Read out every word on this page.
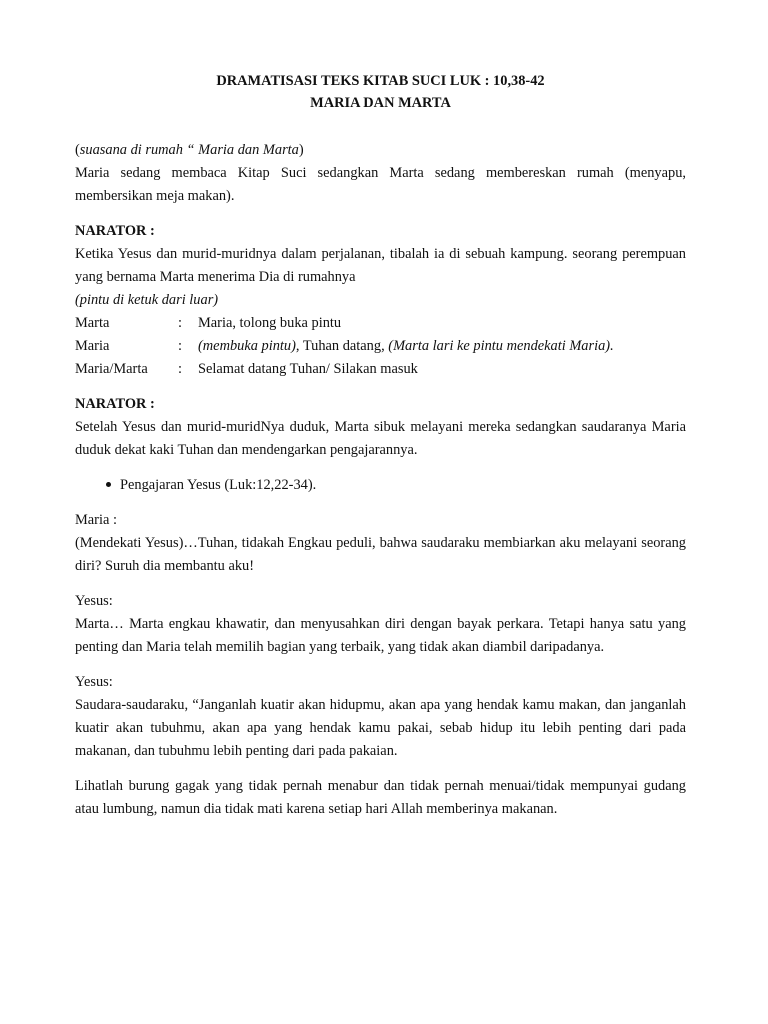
DRAMATISASI TEKS KITAB SUCI LUK : 10,38-42

MARIA DAN MARTA

(suasana di rumah “ Maria dan Marta)

Maria sedang membaca Kitap Suci sedangkan Marta sedang membereskan rumah (menyapu, membersikan meja makan).

NARATOR :

Ketika Yesus dan murid-muridnya dalam perjalanan, tibalah ia di sebuah kampung. seorang perempuan yang bernama Marta menerima Dia di rumahnya

(pintu di ketuk dari luar)

Marta	:	Maria, tolong buka pintu
Maria	:	(membuka pintu), Tuhan datang, (Marta lari ke pintu mendekati Maria).
Maria/Marta	:	Selamat datang Tuhan/ Silakan masuk

NARATOR :

Setelah Yesus dan murid-muridNya duduk, Marta sibuk melayani mereka sedangkan saudaranya Maria duduk dekat kaki Tuhan dan mendengarkan pengajarannya.

Pengajaran Yesus (Luk:12,22-34).

Maria :

(Mendekati Yesus)…Tuhan, tidakah Engkau peduli, bahwa saudaraku membiarkan aku melayani seorang diri? Suruh dia membantu aku!

Yesus:

Marta… Marta engkau khawatir, dan menyusahkan diri dengan bayak perkara. Tetapi hanya satu yang penting dan Maria telah memilih bagian yang terbaik, yang tidak akan diambil daripadanya.

Yesus:

Saudara-saudaraku, “Janganlah kuatir akan hidupmu, akan apa yang hendak kamu makan, dan janganlah kuatir akan tubuhmu, akan apa yang hendak kamu pakai, sebab hidup itu lebih penting dari pada makanan, dan tubuhmu lebih penting dari pada pakaian.

Lihatlah burung gagak yang tidak pernah menabur dan tidak pernah menuai/tidak mempunyai gudang atau lumbung, namun dia tidak mati karena setiap hari Allah memberinya makanan.
